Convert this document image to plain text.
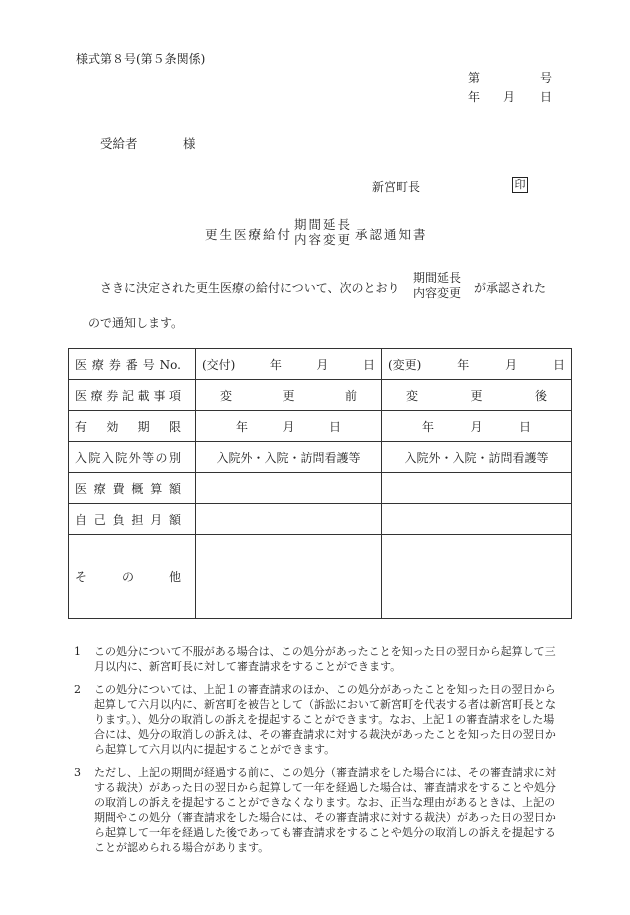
様式第８号(第５条関係)
第	号
年 月 日
受給者	様
新宮町長	印
更生医療給付
期間延長
内容変更 承認通知書
さきに決定された更生医療の給付について、次のとおり
期間延長
内容変更 が承認された
ので通知します。
医療券番号No.	(交付) 年 月 日	(変更) 年 月 日

医療券記載事項	変 更 前	変 更 後

有効期限	年 月 日	年 月 日

入院入院外等の別	入院外・入院・訪問看護等	入院外・入院・訪問看護等
医療費概算額		
自己負担月額		
その他		
1	この処分について不服がある場合は、この処分があったことを知った日の翌日から起算して三月以内に、新宮町長に対して審査請求をすることができます。
2	この処分については、上記１の審査請求のほか、この処分があったことを知った日の翌日から起算して六月以内に、新宮町を被告として（訴訟において新宮町を代表する者は新宮町長となります。）、処分の取消しの訴えを提起することができます。なお、上記１の審査請求をした場合には、処分の取消しの訴えは、その審査請求に対する裁決があったことを知った日の翌日から起算して六月以内に提起することができます。
3	ただし、上記の期間が経過する前に、この処分（審査請求をした場合には、その審査請求に対する裁決）があった日の翌日から起算して一年を経過した場合は、審査請求をすることや処分の取消しの訴えを提起することができなくなります。なお、正当な理由があるときは、上記の期間やこの処分（審査請求をした場合には、その審査請求に対する裁決）があった日の翌日から起算して一年を経過した後であっても審査請求をすることや処分の取消しの訴えを提起することが認められる場合があります。
